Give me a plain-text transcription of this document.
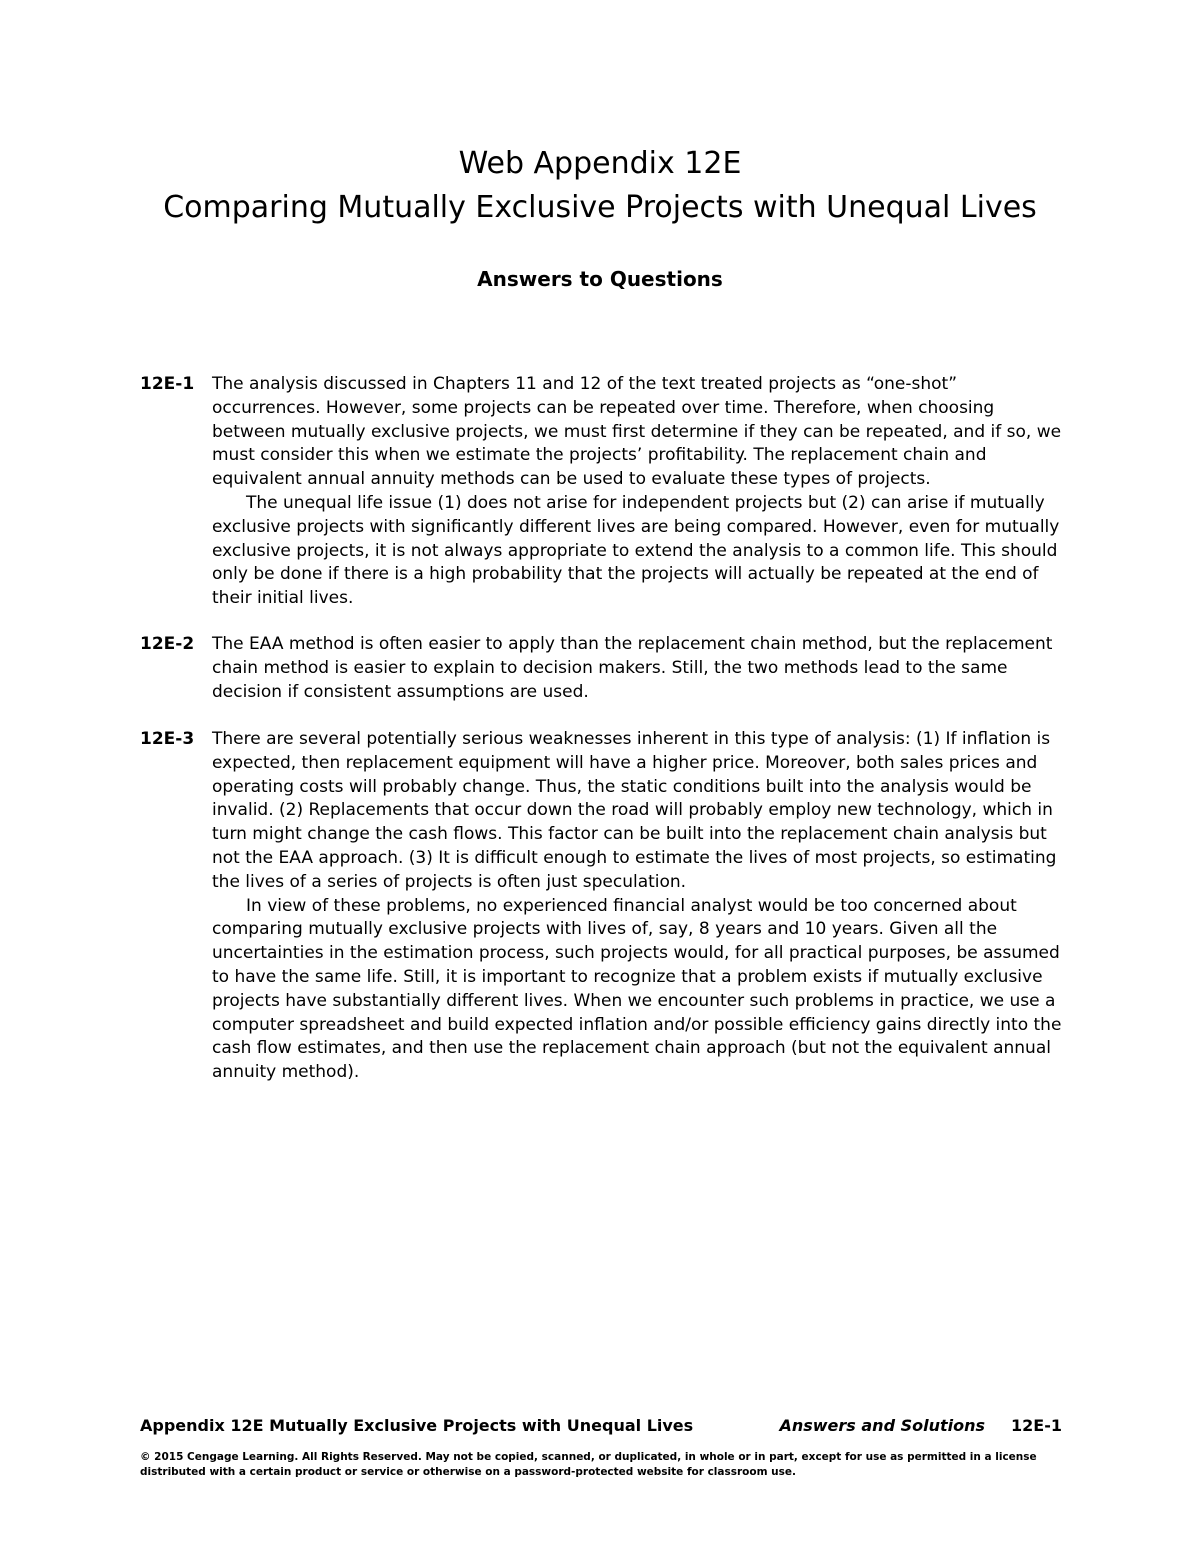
Web Appendix 12E
Comparing Mutually Exclusive Projects with Unequal Lives
Answers to Questions
12E-1	The analysis discussed in Chapters 11 and 12 of the text treated projects as “one-shot” occurrences. However, some projects can be repeated over time. Therefore, when choosing between mutually exclusive projects, we must first determine if they can be repeated, and if so, we must consider this when we estimate the projects’ profitability. The replacement chain and equivalent annual annuity methods can be used to evaluate these types of projects.

The unequal life issue (1) does not arise for independent projects but (2) can arise if mutually exclusive projects with significantly different lives are being compared. However, even for mutually exclusive projects, it is not always appropriate to extend the analysis to a common life. This should only be done if there is a high probability that the projects will actually be repeated at the end of their initial lives.

12E-2	The EAA method is often easier to apply than the replacement chain method, but the replacement chain method is easier to explain to decision makers. Still, the two methods lead to the same decision if consistent assumptions are used.

12E-3	There are several potentially serious weaknesses inherent in this type of analysis: (1) If inflation is expected, then replacement equipment will have a higher price. Moreover, both sales prices and operating costs will probably change. Thus, the static conditions built into the analysis would be invalid. (2) Replacements that occur down the road will probably employ new technology, which in turn might change the cash flows. This factor can be built into the replacement chain analysis but not the EAA approach. (3) It is difficult enough to estimate the lives of most projects, so estimating the lives of a series of projects is often just speculation.

In view of these problems, no experienced financial analyst would be too concerned about comparing mutually exclusive projects with lives of, say, 8 years and 10 years. Given all the uncertainties in the estimation process, such projects would, for all practical purposes, be assumed to have the same life. Still, it is important to recognize that a problem exists if mutually exclusive projects have substantially different lives. When we encounter such problems in practice, we use a computer spreadsheet and build expected inflation and/or possible efficiency gains directly into the cash flow estimates, and then use the replacement chain approach (but not the equivalent annual annuity method).

Appendix 12E Mutually Exclusive Projects with Unequal Lives	Answers and Solutions 12E-1
© 2015 Cengage Learning. All Rights Reserved. May not be copied, scanned, or duplicated, in whole or in part, except for use as permitted in a license distributed with a certain product or service or otherwise on a password-protected website for classroom use.
